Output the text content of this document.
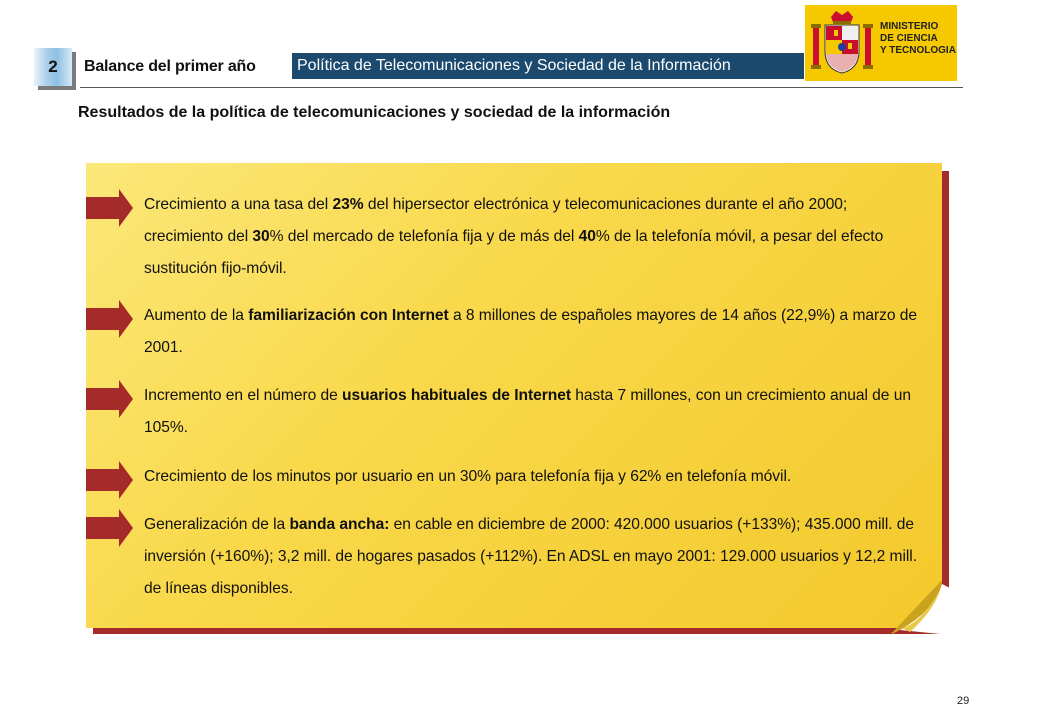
2	Balance del primer año	Política de Telecomunicaciones y Sociedad de la Información
Resultados de la política de telecomunicaciones y sociedad de la información
MINISTERIO
DE CIENCIA
Y TECNOLOGIA
Crecimiento a una tasa del 23% del hipersector electrónica y telecomunicaciones durante el año 2000; crecimiento del 30% del mercado de telefonía fija y de más del 40% de la telefonía móvil, a pesar del efecto sustitución fijo-móvil.
Aumento de la familiarización con Internet a 8 millones de españoles mayores de 14 años (22,9%) a marzo de 2001.
Incremento en el número de usuarios habituales de Internet hasta 7 millones, con un crecimiento anual de un 105%.
Crecimiento de los minutos por usuario en un 30% para telefonía fija y 62% en telefonía móvil.
Generalización de la banda ancha: en cable en diciembre de 2000: 420.000 usuarios (+133%); 435.000 mill. de inversión (+160%); 3,2 mill. de hogares pasados (+112%). En ADSL en mayo 2001: 129.000 usuarios y 12,2 mill. de líneas disponibles.
29
